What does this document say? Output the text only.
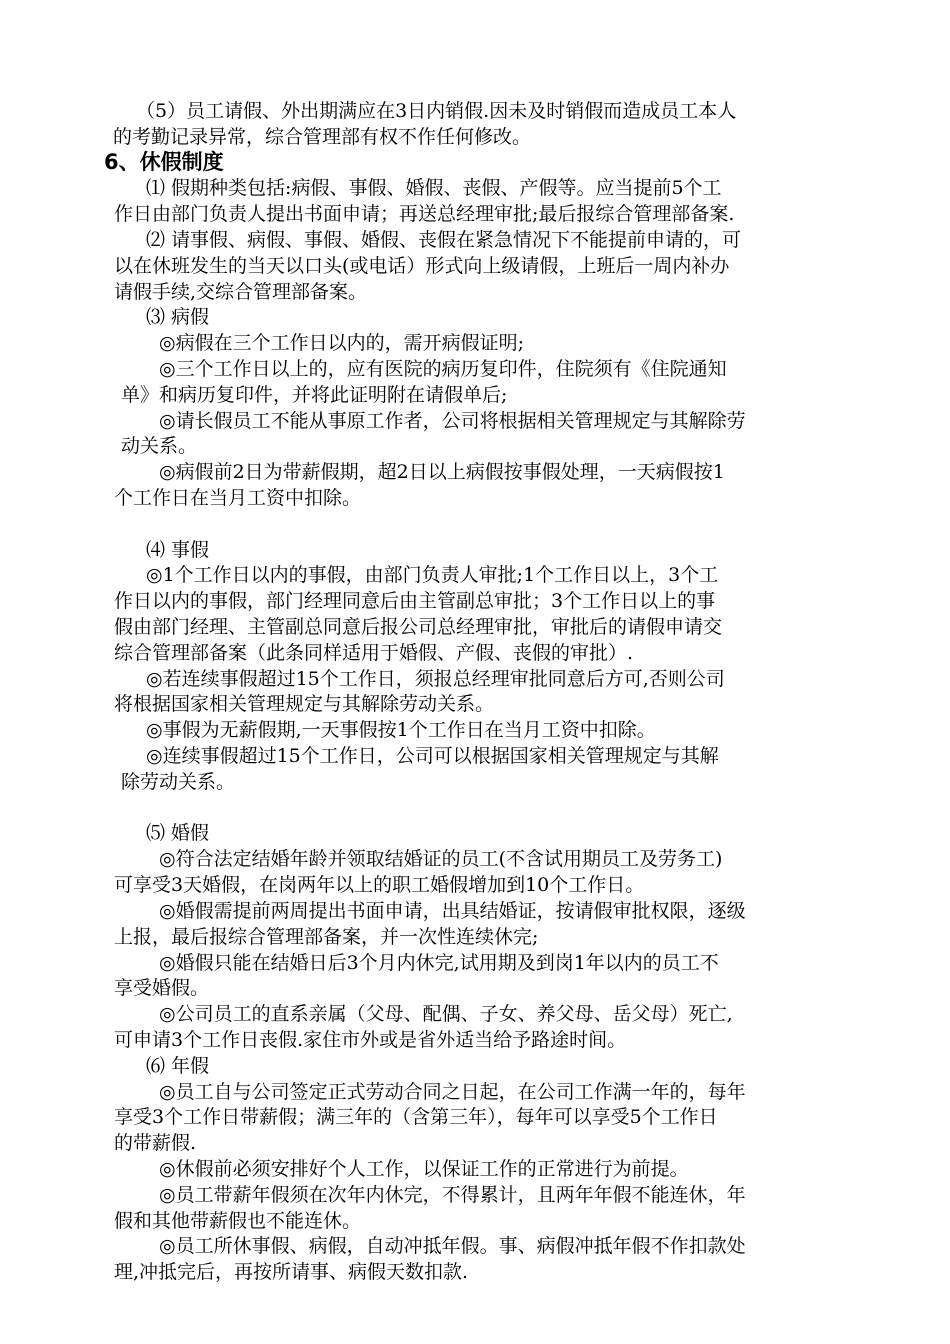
（5）员工请假、外出期满应在3日内销假.因未及时销假而造成员工本人
的考勤记录异常，综合管理部有权不作任何修改。
6、休假制度
⑴ 假期种类包括:病假、事假、婚假、丧假、产假等。应当提前5个工
作日由部门负责人提出书面申请；再送总经理审批;最后报综合管理部备案.
⑵ 请事假、病假、事假、婚假、丧假在紧急情况下不能提前申请的，可
以在休班发生的当天以口头(或电话）形式向上级请假，上班后一周内补办
请假手续,交综合管理部备案。
⑶ 病假
◎病假在三个工作日以内的，需开病假证明;
◎三个工作日以上的，应有医院的病历复印件，住院须有《住院通知
单》和病历复印件，并将此证明附在请假单后;
◎请长假员工不能从事原工作者，公司将根据相关管理规定与其解除劳
动关系。
◎病假前2日为带薪假期，超2日以上病假按事假处理，一天病假按1
个工作日在当月工资中扣除。
⑷ 事假
◎1个工作日以内的事假，由部门负责人审批;1个工作日以上，3个工
作日以内的事假，部门经理同意后由主管副总审批；3个工作日以上的事
假由部门经理、主管副总同意后报公司总经理审批，审批后的请假申请交
综合管理部备案（此条同样适用于婚假、产假、丧假的审批）.
◎若连续事假超过15个工作日，须报总经理审批同意后方可,否则公司
将根据国家相关管理规定与其解除劳动关系。
◎事假为无薪假期,一天事假按1个工作日在当月工资中扣除。
◎连续事假超过15个工作日，公司可以根据国家相关管理规定与其解
除劳动关系。
⑸ 婚假
◎符合法定结婚年龄并领取结婚证的员工(不含试用期员工及劳务工)
可享受3天婚假，在岗两年以上的职工婚假增加到10个工作日。
◎婚假需提前两周提出书面申请，出具结婚证，按请假审批权限，逐级
上报，最后报综合管理部备案，并一次性连续休完;
◎婚假只能在结婚日后3个月内休完,试用期及到岗1年以内的员工不
享受婚假。
◎公司员工的直系亲属（父母、配偶、子女、养父母、岳父母）死亡,
可申请3个工作日丧假.家住市外或是省外适当给予路途时间。
⑹ 年假
◎员工自与公司签定正式劳动合同之日起，在公司工作满一年的，每年
享受3个工作日带薪假；满三年的（含第三年），每年可以享受5个工作日
的带薪假.
◎休假前必须安排好个人工作，以保证工作的正常进行为前提。
◎员工带薪年假须在次年内休完，不得累计，且两年年假不能连休，年
假和其他带薪假也不能连休。
◎员工所休事假、病假，自动冲抵年假。事、病假冲抵年假不作扣款处
理,冲抵完后，再按所请事、病假天数扣款.
